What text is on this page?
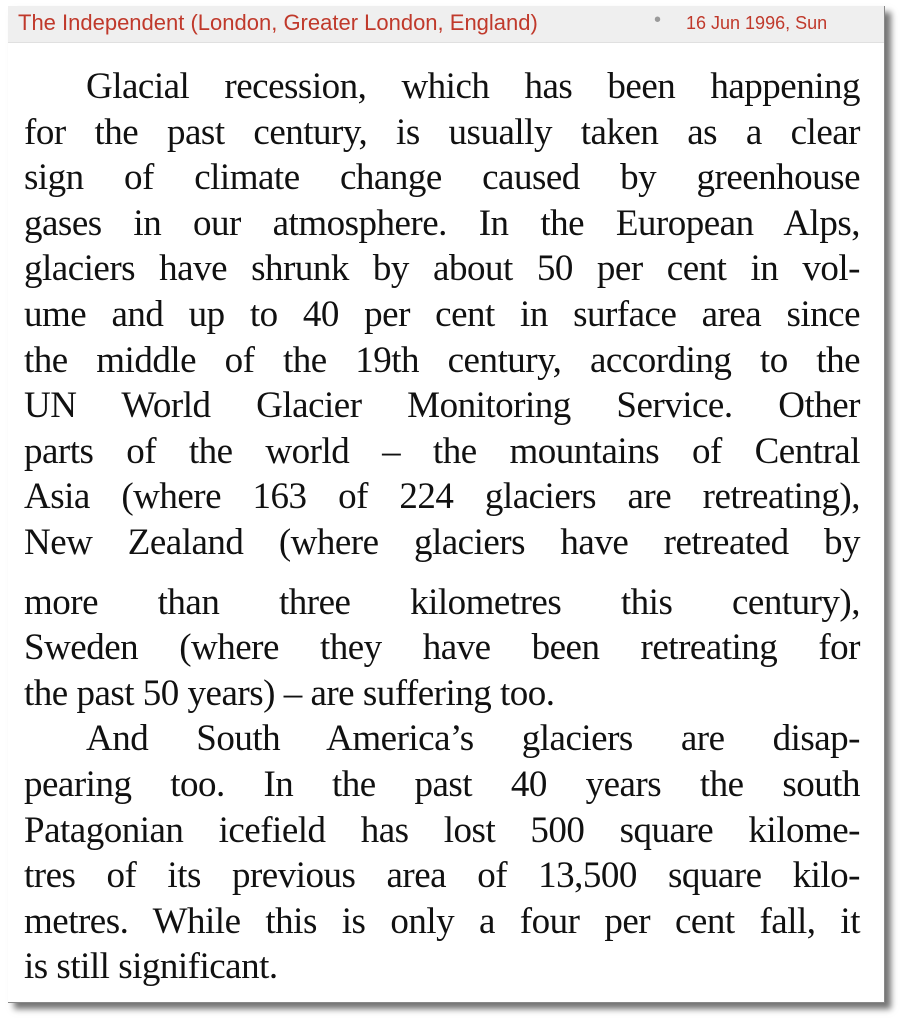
The Independent (London, Greater London, England)	• 16 Jun 1996, Sun
Glacial recession, which has been happening
for the past century, is usually taken as a clear
sign of climate change caused by greenhouse
gases in our atmosphere. In the European Alps,
glaciers have shrunk by about 50 per cent in vol-
ume and up to 40 per cent in surface area since
the middle of the 19th century, according to the
UN World Glacier Monitoring Service. Other
parts of the world – the mountains of Central
Asia (where 163 of 224 glaciers are retreating),
New Zealand (where glaciers have retreated by
more than three kilometres this century),
Sweden (where they have been retreating for
the past 50 years) – are suffering too.
And South America’s glaciers are disap-
pearing too. In the past 40 years the south
Patagonian icefield has lost 500 square kilome-
tres of its previous area of 13,500 square kilo-
metres. While this is only a four per cent fall, it
is still significant.
